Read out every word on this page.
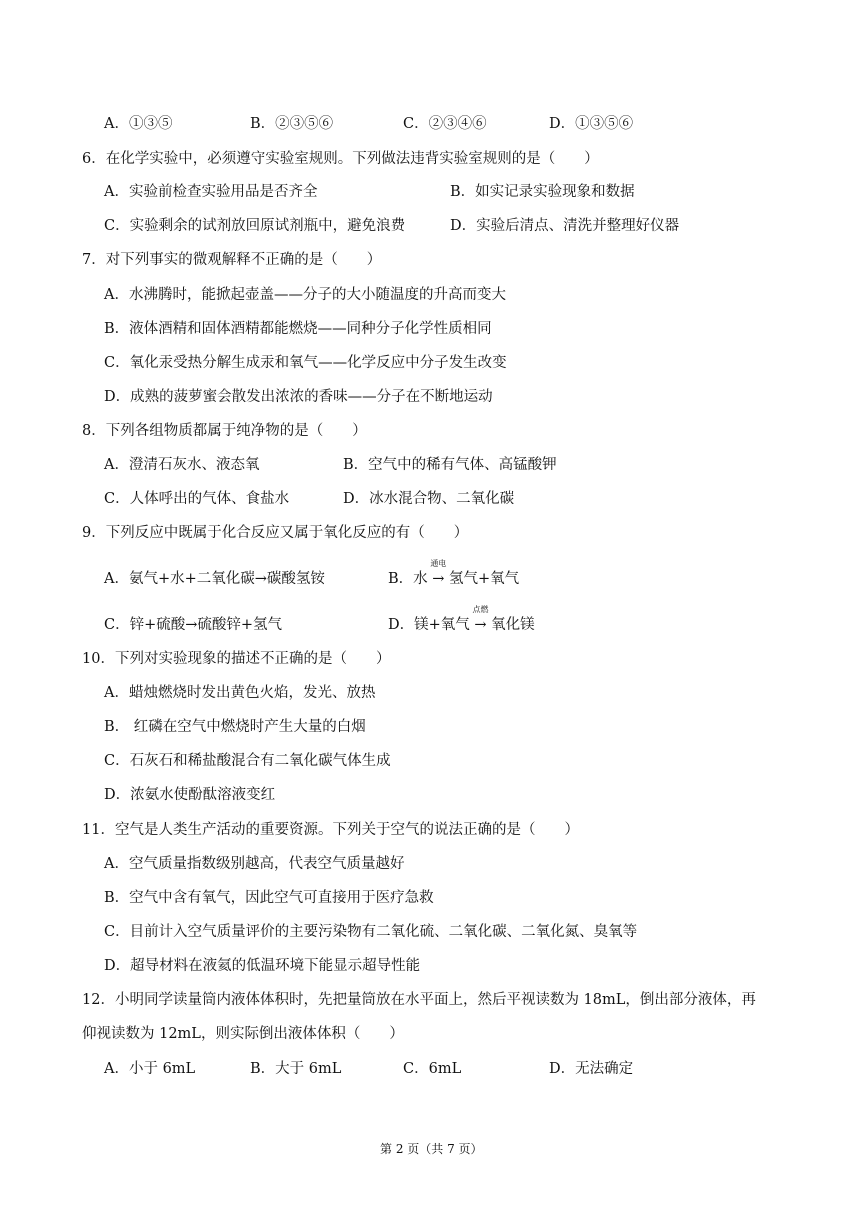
A．①③⑤	B．②③⑤⑥	C．②③④⑥	D．①③⑤⑥
6．在化学实验中，必须遵守实验室规则。下列做法违背实验室规则的是（　　）
A．实验前检查实验用品是否齐全	B．如实记录实验现象和数据
C．实验剩余的试剂放回原试剂瓶中，避免浪费	D．实验后清点、清洗并整理好仪器
7．对下列事实的微观解释不正确的是（　　）
A．水沸腾时，能掀起壶盖——分子的大小随温度的升高而变大
B．液体酒精和固体酒精都能燃烧——同种分子化学性质相同
C．氧化汞受热分解生成汞和氧气——化学反应中分子发生改变
D．成熟的菠萝蜜会散发出浓浓的香味——分子在不断地运动
8．下列各组物质都属于纯净物的是（　　）
A．澄清石灰水、液态氧	B．空气中的稀有气体、高锰酸钾
C．人体呼出的气体、食盐水	D．冰水混合物、二氧化碳
9．下列反应中既属于化合反应又属于氧化反应的有（　　）
A．氨气+水+二氧化碳→碳酸氢铵	B．水
通电
→ 氢气+氧气
C．锌+硫酸→硫酸锌+氢气	D．镁+氧气
点燃
→ 氧化镁
10．下列对实验现象的描述不正确的是（　　）
A．蜡烛燃烧时发出黄色火焰，发光、放热
B． 红磷在空气中燃烧时产生大量的白烟
C．石灰石和稀盐酸混合有二氧化碳气体生成
D．浓氨水使酚酞溶液变红
11．空气是人类生产活动的重要资源。下列关于空气的说法正确的是（　　）
A．空气质量指数级别越高，代表空气质量越好
B．空气中含有氧气，因此空气可直接用于医疗急救
C．目前计入空气质量评价的主要污染物有二氧化硫、二氧化碳、二氧化氮、臭氧等
D．超导材料在液氦的低温环境下能显示超导性能
12．小明同学读量筒内液体体积时，先把量筒放在水平面上，然后平视读数为 18mL，倒出部分液体，再
仰视读数为 12mL，则实际倒出液体体积（　　）
A．小于 6mL	B．大于 6mL	C．6mL	D．无法确定
第 2 页（共 7 页）
